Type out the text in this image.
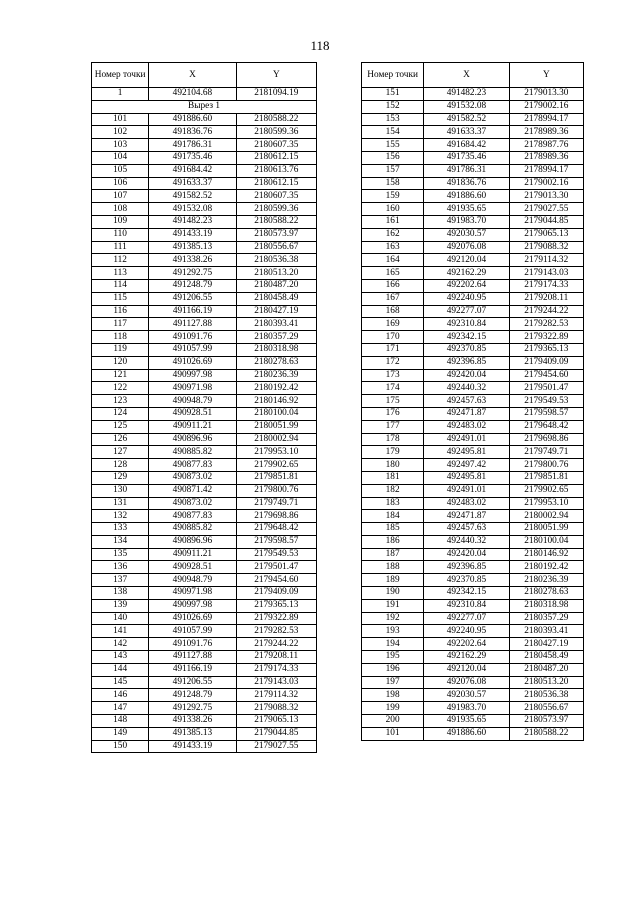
118
Номер точки	X	Y
1	492104.68	2181094.19
Вырез 1		
101	491886.60	2180588.22
102	491836.76	2180599.36
103	491786.31	2180607.35
104	491735.46	2180612.15
105	491684.42	2180613.76
106	491633.37	2180612.15
107	491582.52	2180607.35
108	491532.08	2180599.36
109	491482.23	2180588.22
110	491433.19	2180573.97
111	491385.13	2180556.67
112	491338.26	2180536.38
113	491292.75	2180513.20
114	491248.79	2180487.20
115	491206.55	2180458.49
116	491166.19	2180427.19
117	491127.88	2180393.41
118	491091.76	2180357.29
119	491057.99	2180318.98
120	491026.69	2180278.63
121	490997.98	2180236.39
122	490971.98	2180192.42
123	490948.79	2180146.92
124	490928.51	2180100.04
125	490911.21	2180051.99
126	490896.96	2180002.94
127	490885.82	2179953.10
128	490877.83	2179902.65
129	490873.02	2179851.81
130	490871.42	2179800.76
131	490873.02	2179749.71
132	490877.83	2179698.86
133	490885.82	2179648.42
134	490896.96	2179598.57
135	490911.21	2179549.53
136	490928.51	2179501.47
137	490948.79	2179454.60
138	490971.98	2179409.09
139	490997.98	2179365.13
140	491026.69	2179322.89
141	491057.99	2179282.53
142	491091.76	2179244.22
143	491127.88	2179208.11
144	491166.19	2179174.33
145	491206.55	2179143.03
146	491248.79	2179114.32
147	491292.75	2179088.32
148	491338.26	2179065.13
149	491385.13	2179044.85
150	491433.19	2179027.55
Номер точки	X	Y
151	491482.23	2179013.30
152	491532.08	2179002.16
153	491582.52	2178994.17
154	491633.37	2178989.36
155	491684.42	2178987.76
156	491735.46	2178989.36
157	491786.31	2178994.17
158	491836.76	2179002.16
159	491886.60	2179013.30
160	491935.65	2179027.55
161	491983.70	2179044.85
162	492030.57	2179065.13
163	492076.08	2179088.32
164	492120.04	2179114.32
165	492162.29	2179143.03
166	492202.64	2179174.33
167	492240.95	2179208.11
168	492277.07	2179244.22
169	492310.84	2179282.53
170	492342.15	2179322.89
171	492370.85	2179365.13
172	492396.85	2179409.09
173	492420.04	2179454.60
174	492440.32	2179501.47
175	492457.63	2179549.53
176	492471.87	2179598.57
177	492483.02	2179648.42
178	492491.01	2179698.86
179	492495.81	2179749.71
180	492497.42	2179800.76
181	492495.81	2179851.81
182	492491.01	2179902.65
183	492483.02	2179953.10
184	492471.87	2180002.94
185	492457.63	2180051.99
186	492440.32	2180100.04
187	492420.04	2180146.92
188	492396.85	2180192.42
189	492370.85	2180236.39
190	492342.15	2180278.63
191	492310.84	2180318.98
192	492277.07	2180357.29
193	492240.95	2180393.41
194	492202.64	2180427.19
195	492162.29	2180458.49
196	492120.04	2180487.20
197	492076.08	2180513.20
198	492030.57	2180536.38
199	491983.70	2180556.67
200	491935.65	2180573.97
101	491886.60	2180588.22
